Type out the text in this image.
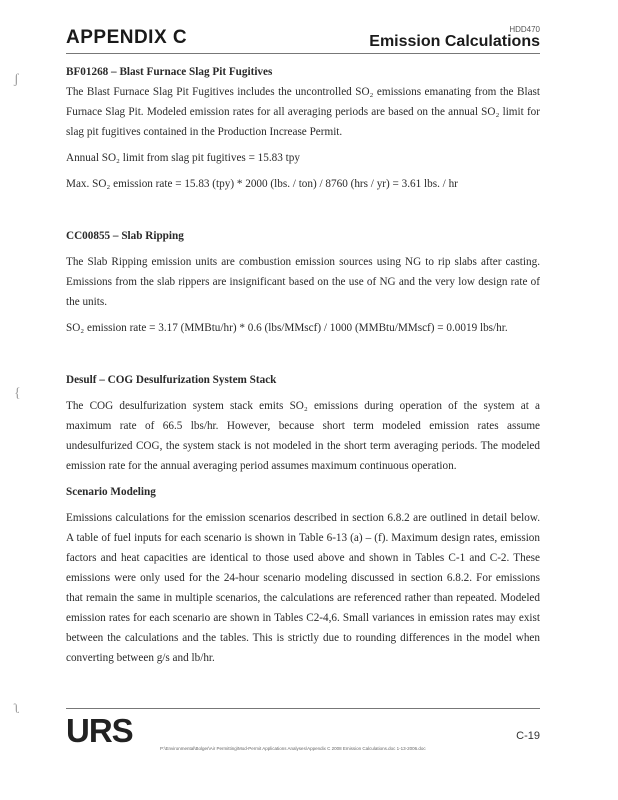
APPENDIX C	HDD470
Emission Calculations
ʃ
{
ʅ

BF01268 – Blast Furnace Slag Pit Fugitives

The Blast Furnace Slag Pit Fugitives includes the uncontrolled SO₂ emissions emanating from the Blast Furnace Slag Pit. Modeled emission rates for all averaging periods are based on the annual SO₂ limit for slag pit fugitives contained in the Production Increase Permit.

Annual SO₂ limit from slag pit fugitives = 15.83 tpy

Max. SO₂ emission rate = 15.83 (tpy) * 2000 (lbs. / ton) / 8760 (hrs / yr) = 3.61 lbs. / hr

CC00855 – Slab Ripping

The Slab Ripping emission units are combustion emission sources using NG to rip slabs after casting. Emissions from the slab rippers are insignificant based on the use of NG and the very low design rate of the units.

SO₂ emission rate = 3.17 (MMBtu/hr) * 0.6 (lbs/MMscf) / 1000 (MMBtu/MMscf) = 0.0019 lbs/hr.

Desulf – COG Desulfurization System Stack

The COG desulfurization system stack emits SO₂ emissions during operation of the system at a maximum rate of 66.5 lbs/hr. However, because short term modeled emission rates assume undesulfurized COG, the system stack is not modeled in the short term averaging periods. The modeled emission rate for the annual averaging period assumes maximum continuous operation.

Scenario Modeling

Emissions calculations for the emission scenarios described in section 6.8.2 are outlined in detail below. A table of fuel inputs for each scenario is shown in Table 6-13 (a) – (f). Maximum design rates, emission factors and heat capacities are identical to those used above and shown in Tables C-1 and C-2. These emissions were only used for the 24-hour scenario modeling discussed in section 6.8.2. For emissions that remain the same in multiple scenarios, the calculations are referenced rather than repeated. Modeled emission rates for each scenario are shown in Tables C2-4,6. Small variances in emission rates may exist between the calculations and the tables. This is strictly due to rounding differences in the model when converting between g/s and lb/hr.

URS	C-19
P:\Environmental\Bolger\Air Permitting\Mod-Permit Applications Analyses\Appendix C 2008 Emission Calculations.doc 1-13-2006.doc
